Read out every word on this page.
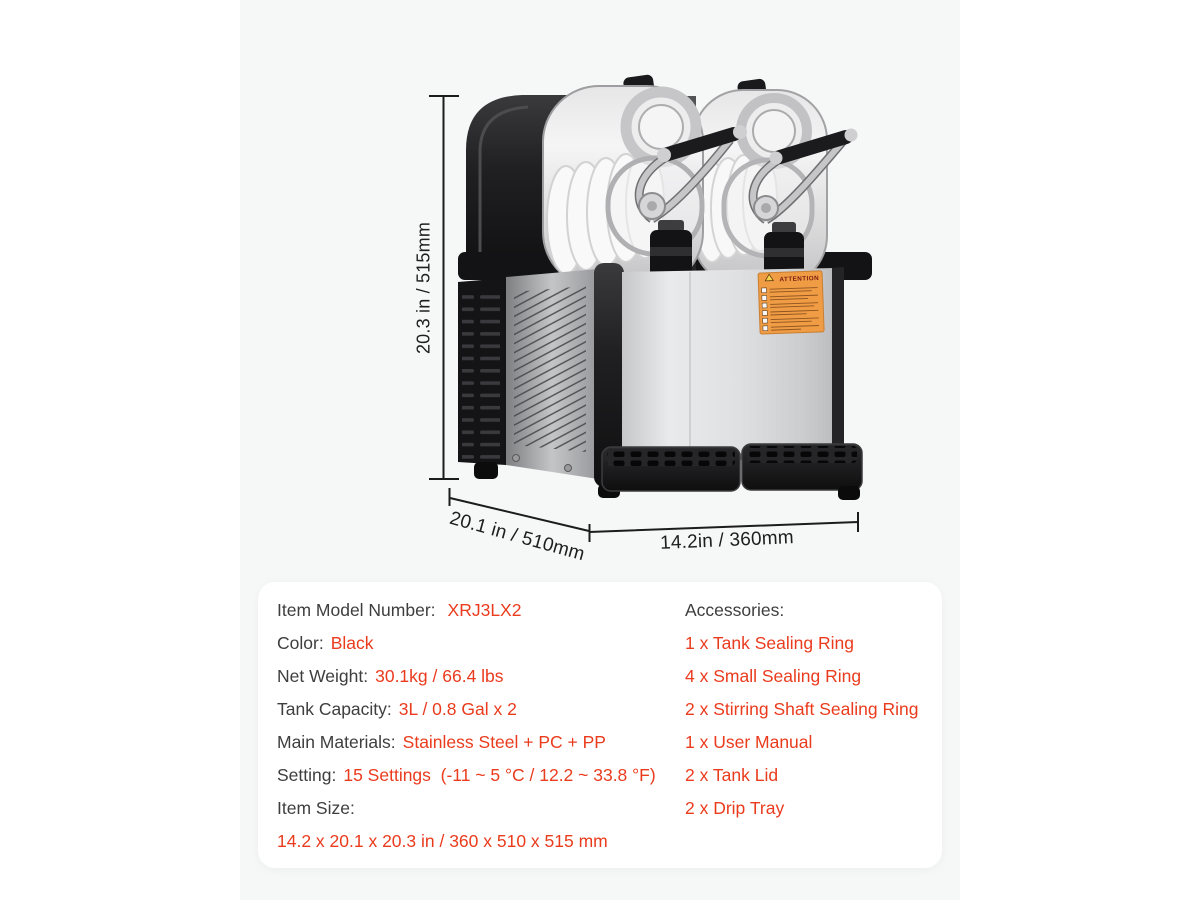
ATTENTION
20.3 in / 515mm
20.1 in / 510mm	14.2in / 360mm
Item Model Number: XRJ3LX2
Color: Black
Net Weight: 30.1kg / 66.4 lbs
Tank Capacity: 3L / 0.8 Gal x 2
Main Materials: Stainless Steel + PC + PP
Setting: 15 Settings  (-11 ~ 5 °C / 12.2 ~ 33.8 °F)
Item Size:
14.2 x 20.1 x 20.3 in / 360 x 510 x 515 mm
Accessories:
1 x Tank Sealing Ring
4 x Small Sealing Ring
2 x Stirring Shaft Sealing Ring
1 x User Manual
2 x Tank Lid
2 x Drip Tray
